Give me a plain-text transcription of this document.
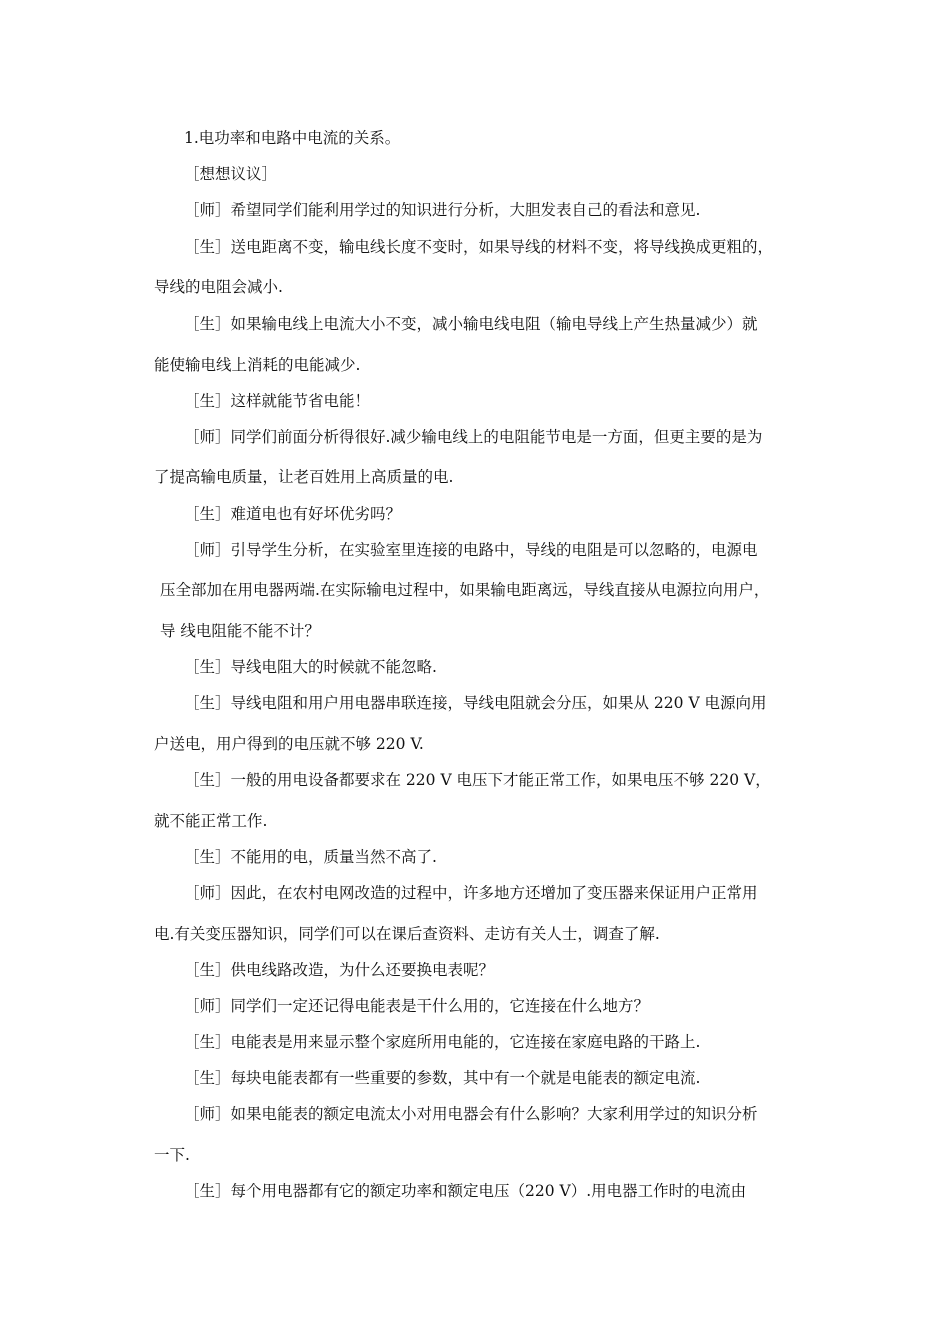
1.电功率和电路中电流的关系。
［想想议议］
［师］希望同学们能利用学过的知识进行分析，大胆发表自己的看法和意见.
［生］送电距离不变，输电线长度不变时，如果导线的材料不变，将导线换成更粗的，
导线的电阻会减小.
［生］如果输电线上电流大小不变，减小输电线电阻（输电导线上产生热量减少）就
能使输电线上消耗的电能减少.
［生］这样就能节省电能！
［师］同学们前面分析得很好.减少输电线上的电阻能节电是一方面，但更主要的是为
了提高输电质量，让老百姓用上高质量的电.
［生］难道电也有好坏优劣吗？
［师］引导学生分析，在实验室里连接的电路中，导线的电阻是可以忽略的，电源电
压全部加在用电器两端.在实际输电过程中，如果输电距离远，导线直接从电源拉向用户，
导 线电阻能不能不计？
［生］导线电阻大的时候就不能忽略.
［生］导线电阻和用户用电器串联连接，导线电阻就会分压，如果从 220 V 电源向用
户送电，用户得到的电压就不够 220 V.
［生］一般的用电设备都要求在 220 V 电压下才能正常工作，如果电压不够 220 V，
就不能正常工作.
［生］不能用的电，质量当然不高了.
［师］因此，在农村电网改造的过程中，许多地方还增加了变压器来保证用户正常用
电.有关变压器知识，同学们可以在课后查资料、走访有关人士，调查了解.
［生］供电线路改造，为什么还要换电表呢？
［师］同学们一定还记得电能表是干什么用的，它连接在什么地方？
［生］电能表是用来显示整个家庭所用电能的，它连接在家庭电路的干路上.
［生］每块电能表都有一些重要的参数，其中有一个就是电能表的额定电流.
［师］如果电能表的额定电流太小对用电器会有什么影响？大家利用学过的知识分析
一下.
［生］每个用电器都有它的额定功率和额定电压（220 V）.用电器工作时的电流由
